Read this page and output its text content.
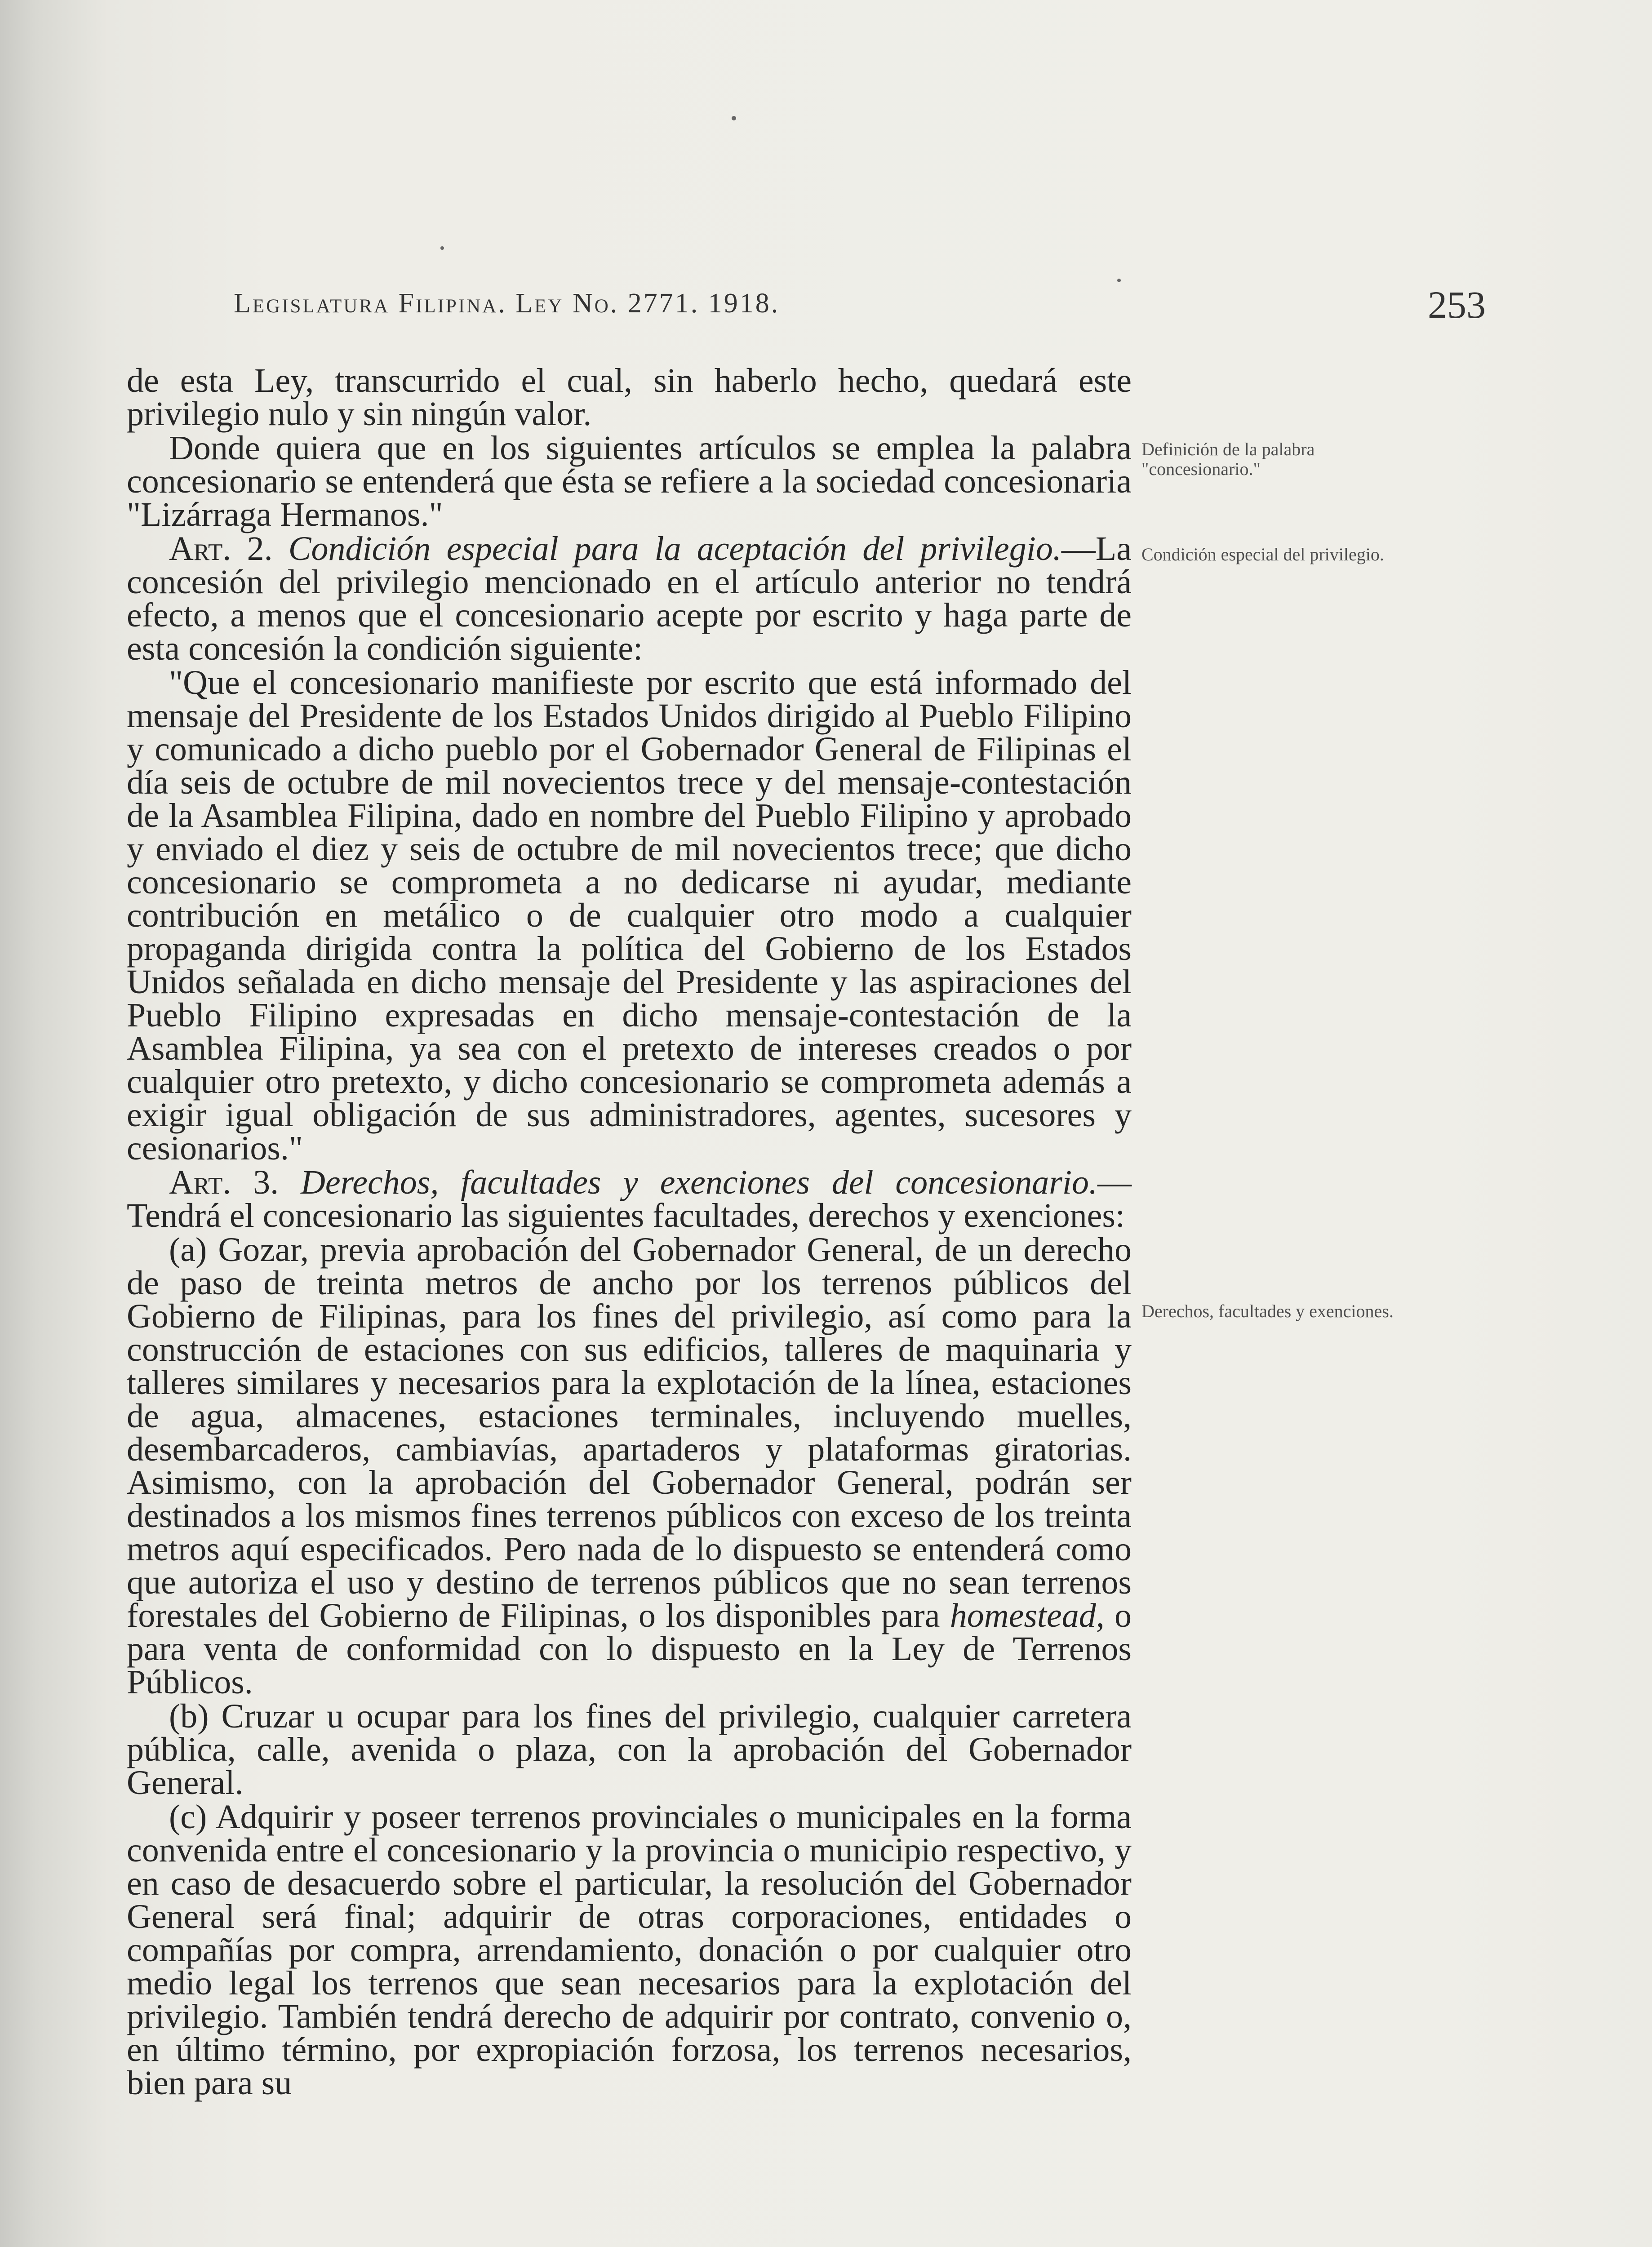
Legislatura Filipina. Ley No. 2771. 1918.	253
Definición de la palabra "concesionario."
Condición especial del privilegio.
Derechos, facultades y exenciones.

de esta Ley, transcurrido el cual, sin haberlo hecho, quedará este privilegio nulo y sin ningún valor.

Donde quiera que en los siguientes artículos se emplea la palabra concesionario se entenderá que ésta se refiere a la sociedad concesionaria "Lizárraga Hermanos."

Art. 2. Condición especial para la aceptación del privilegio.—La concesión del privilegio mencionado en el artículo anterior no tendrá efecto, a menos que el concesionario acepte por escrito y haga parte de esta concesión la condición siguiente:

"Que el concesionario manifieste por escrito que está informado del mensaje del Presidente de los Estados Unidos dirigido al Pueblo Filipino y comunicado a dicho pueblo por el Gobernador General de Filipinas el día seis de octubre de mil novecientos trece y del mensaje-contestación de la Asamblea Filipina, dado en nombre del Pueblo Filipino y aprobado y enviado el diez y seis de octubre de mil novecientos trece; que dicho concesionario se comprometa a no dedicarse ni ayudar, mediante contribución en metálico o de cualquier otro modo a cualquier propaganda dirigida contra la política del Gobierno de los Estados Unidos señalada en dicho mensaje del Presidente y las aspiraciones del Pueblo Filipino expresadas en dicho mensaje-contestación de la Asamblea Filipina, ya sea con el pretexto de intereses creados o por cualquier otro pretexto, y dicho concesionario se comprometa además a exigir igual obligación de sus administradores, agentes, sucesores y cesionarios."

Art. 3. Derechos, facultades y exenciones del concesionario.—Tendrá el concesionario las siguientes facultades, derechos y exenciones:

(a) Gozar, previa aprobación del Gobernador General, de un derecho de paso de treinta metros de ancho por los terrenos públicos del Gobierno de Filipinas, para los fines del privilegio, así como para la construcción de estaciones con sus edificios, talleres de maquinaria y talleres similares y necesarios para la explotación de la línea, estaciones de agua, almacenes, estaciones terminales, incluyendo muelles, desembarcaderos, cambiavías, apartaderos y plataformas giratorias. Asimismo, con la aprobación del Gobernador General, podrán ser destinados a los mismos fines terrenos públicos con exceso de los treinta metros aquí especificados. Pero nada de lo dispuesto se entenderá como que autoriza el uso y destino de terrenos públicos que no sean terrenos forestales del Gobierno de Filipinas, o los disponibles para homestead, o para venta de conformidad con lo dispuesto en la Ley de Terrenos Públicos.

(b) Cruzar u ocupar para los fines del privilegio, cualquier carretera pública, calle, avenida o plaza, con la aprobación del Gobernador General.

(c) Adquirir y poseer terrenos provinciales o municipales en la forma convenida entre el concesionario y la provincia o municipio respectivo, y en caso de desacuerdo sobre el particular, la resolución del Gobernador General será final; adquirir de otras corporaciones, entidades o compañías por compra, arrendamiento, donación o por cualquier otro medio legal los terrenos que sean necesarios para la explotación del privilegio. También tendrá derecho de adquirir por contrato, convenio o, en último término, por expropiación forzosa, los terrenos necesarios, bien para su
